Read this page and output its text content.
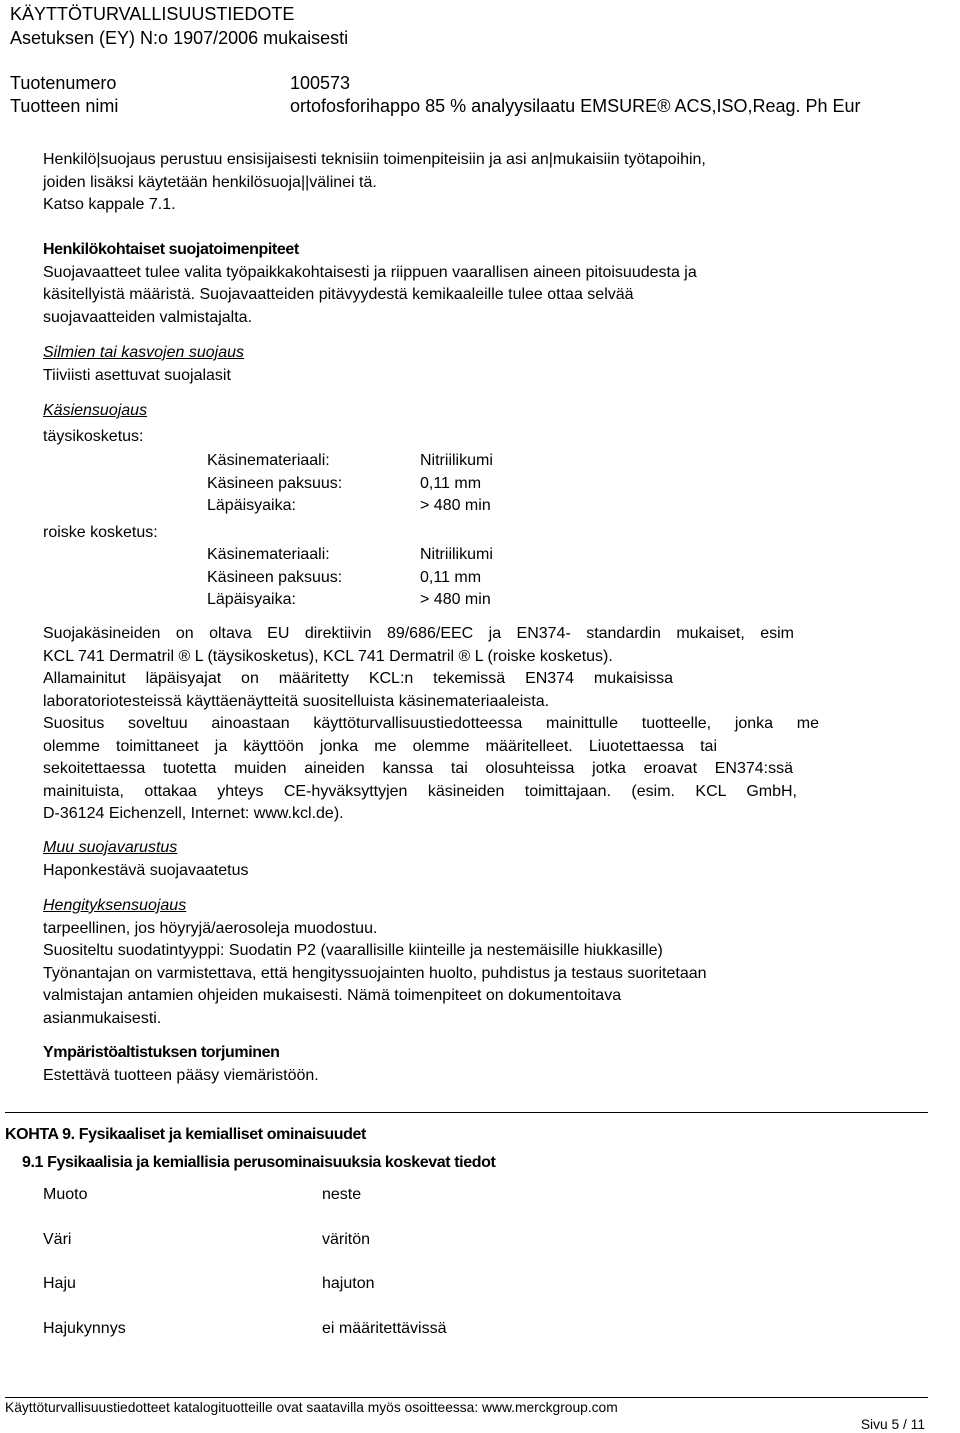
KÄYTTÖTURVALLISUUSTIEDOTE
Asetuksen (EY) N:o 1907/2006 mukaisesti
Tuotenumero	100573
Tuotteen nimi	ortofosforihappo 85 % analyysilaatu EMSURE® ACS,ISO,Reag. Ph Eur
Henkilö|suojaus perustuu ensisijaisesti teknisiin toimenpiteisiin ja asi an|mukaisiin työtapoihin,
joiden lisäksi käytetään henkilösuoja||välinei tä.
Katso kappale 7.1.
Henkilökohtaiset suojatoimenpiteet
Suojavaatteet tulee valita työpaikkakohtaisesti ja riippuen vaarallisen aineen pitoisuudesta ja
käsitellyistä määristä. Suojavaatteiden pitävyydestä kemikaaleille tulee ottaa selvää
suojavaatteiden valmistajalta.
Silmien tai kasvojen suojaus
Tiiviisti asettuvat suojalasit
Käsiensuojaus
täysikosketus:
Käsinemateriaali:	Nitriilikumi
Käsineen paksuus:	0,11 mm
Läpäisyaika:	> 480 min
roiske kosketus:
Käsinemateriaali:	Nitriilikumi
Käsineen paksuus:	0,11 mm
Läpäisyaika:	> 480 min
Suojakäsineiden on oltava EU direktiivin 89/686/EEC ja EN374- standardin mukaiset, esim
KCL 741 Dermatril ® L (täysikosketus), KCL 741 Dermatril ® L (roiske kosketus).
Allamainitut läpäisyajat on määritetty KCL:n tekemissä EN374 mukaisissa
laboratoriotesteissä käyttäenäytteitä suositelluista käsinemateriaaleista.
Suositus soveltuu ainoastaan käyttöturvallisuustiedotteessa mainittulle tuotteelle, jonka me
olemme toimittaneet ja käyttöön jonka me olemme määritelleet. Liuotettaessa tai
sekoitettaessa tuotetta muiden aineiden kanssa tai olosuhteissa jotka eroavat EN374:ssä
mainituista, ottakaa yhteys CE-hyväksyttyjen käsineiden toimittajaan. (esim. KCL GmbH,
D-36124 Eichenzell, Internet: www.kcl.de).
Muu suojavarustus
Haponkestävä suojavaatetus
Hengityksensuojaus
tarpeellinen, jos höyryjä/aerosoleja muodostuu.
Suositeltu suodatintyyppi: Suodatin P2 (vaarallisille kiinteille ja nestemäisille hiukkasille)
Työnantajan on varmistettava, että hengityssuojainten huolto, puhdistus ja testaus suoritetaan
valmistajan antamien ohjeiden mukaisesti. Nämä toimenpiteet on dokumentoitava
asianmukaisesti.
Ympäristöaltistuksen torjuminen
Estettävä tuotteen pääsy viemäristöön.
KOHTA 9. Fysikaaliset ja kemialliset ominaisuudet
9.1 Fysikaalisia ja kemiallisia perusominaisuuksia koskevat tiedot
Muoto	neste
Väri	väritön
Haju	hajuton
Hajukynnys	ei määritettävissä
Käyttöturvallisuustiedotteet katalogituotteille ovat saatavilla myös osoitteessa: www.merckgroup.com
Sivu 5 / 11
